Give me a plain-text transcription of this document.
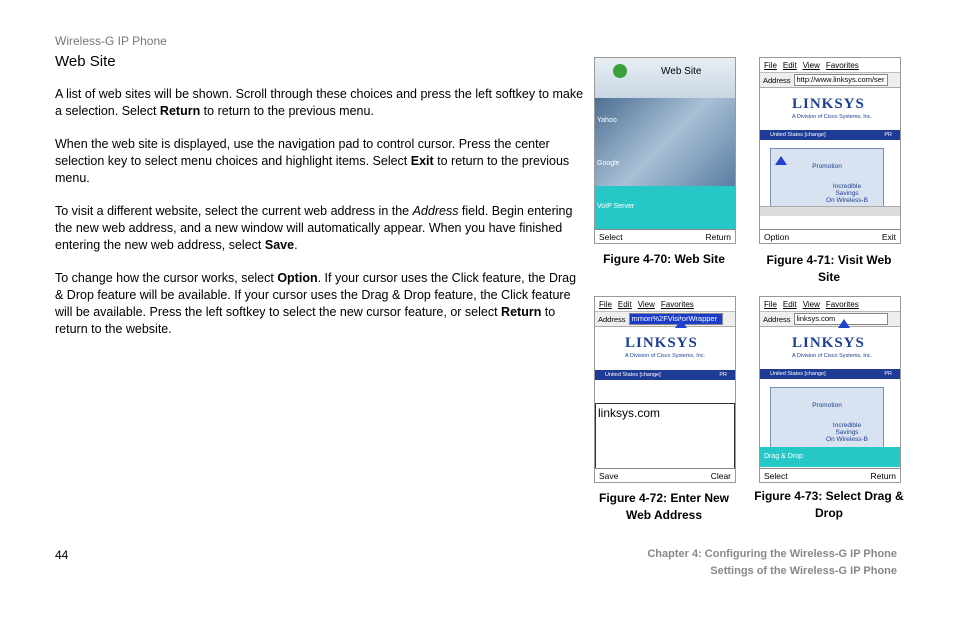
Wireless-G IP Phone
Web Site

A list of web sites will be shown. Scroll through these choices and press the left softkey to make a selection. Select Return to return to the previous menu.

When the web site is displayed, use the navigation pad to control cursor. Press the center selection key to select menu choices and highlight items. Select Exit to return to the previous menu.

To visit a different website, select the current web address in the Address field. Begin entering the new web address, and a new window will automatically appear. When you have finished entering the new web address, select Save.

To change how the cursor works, select Option. If your cursor uses the Click feature, the Drag & Drop feature will be available. If your cursor uses the Drag & Drop feature, the Click feature will be available. Press the left softkey to select the new cursor feature, or select Return to return to the website.

Web Site
Yahoo
Google
VoIP Server
Select	Return
Figure 4-70: Web Site
File Edit View Favorites
Address http://www.linksys.com/ser
LINKSYS
A Division of Cisco Systems, Inc.
United States [change]	PR
Promotion
Incredible
Savings
On Wireless-B
Option	Exit
Figure 4-71: Visit Web Site
File Edit View Favorites
Address mmon%2FVisitorWrapper
LINKSYS
A Division of Cisco Systems, Inc.
United States [change]	PR
linksys.com
Save	Clear
Figure 4-72: Enter New Web Address
File Edit View Favorites
Address linksys.com
LINKSYS
A Division of Cisco Systems, Inc.
United States [change]	PR
Promotion
Incredible
Savings
On Wireless-B
Drag & Drop
Select	Return
Figure 4-73: Select Drag & Drop
44	Chapter 4: Configuring the Wireless-G IP Phone
Settings of the Wireless-G IP Phone
